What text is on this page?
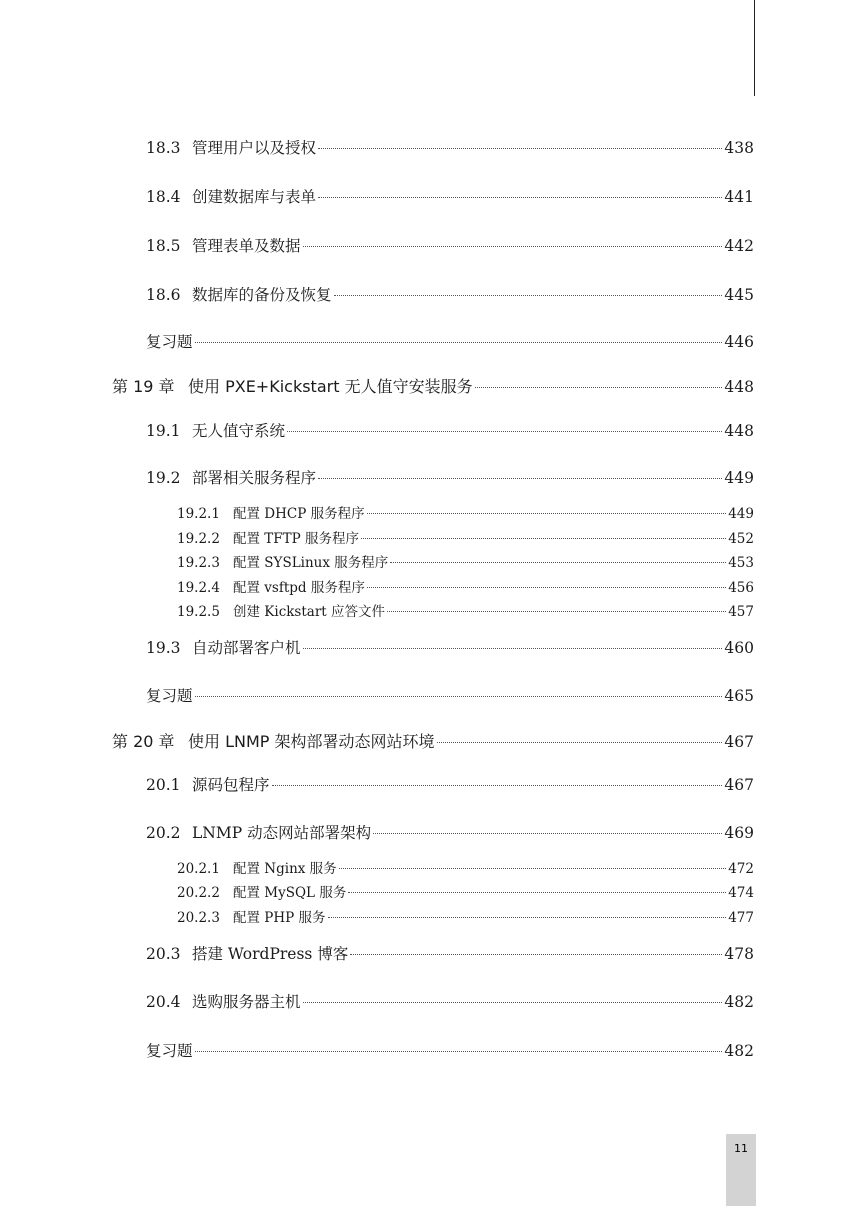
18.3 管理用户以及授权	438
18.4 创建数据库与表单	441
18.5 管理表单及数据	442
18.6 数据库的备份及恢复	445
复习题	446
第 19 章 使用 PXE+Kickstart 无人值守安装服务	448
19.1 无人值守系统	448
19.2 部署相关服务程序	449
19.2.1 配置 DHCP 服务程序	449
19.2.2 配置 TFTP 服务程序	452
19.2.3 配置 SYSLinux 服务程序	453
19.2.4 配置 vsftpd 服务程序	456
19.2.5 创建 Kickstart 应答文件	457
19.3 自动部署客户机	460
复习题	465
第 20 章 使用 LNMP 架构部署动态网站环境	467
20.1 源码包程序	467
20.2 LNMP 动态网站部署架构	469
20.2.1 配置 Nginx 服务	472
20.2.2 配置 MySQL 服务	474
20.2.3 配置 PHP 服务	477
20.3 搭建 WordPress 博客	478
20.4 选购服务器主机	482
复习题	482
11
